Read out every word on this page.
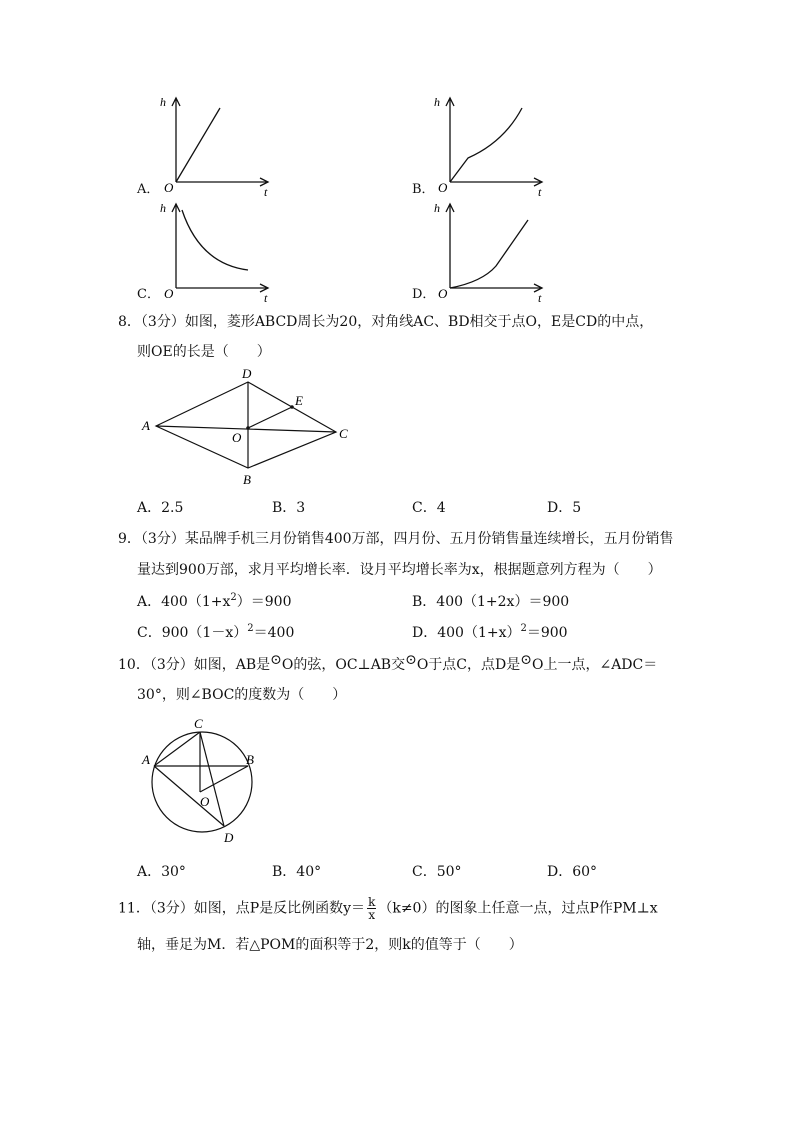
A．
h
O	t	B．
h
O	t
C．
h
O	t	D．
h
O	t
8．（3分）如图，菱形ABCD周长为20，对角线AC、BD相交于点O，E是CD的中点，
则OE的长是（　　）
A
D
E
C
O
B
A．2.5	B．3	C．4	D．5
9．（3分）某品牌手机三月份销售400万部，四月份、五月份销售量连续增长，五月份销售
量达到900万部，求月平均增长率．设月平均增长率为x，根据题意列方程为（　　）
A．$400(1+x^2)=900$	B．400（1+2x）＝900
C．$900(1-x)^2=400$	D．$400(1+x)^2=900$
10．（3分）如图，AB是⊙O的弦，OC⊥AB交⊙O于点C，点D是⊙O上一点，∠ADC＝
30°，则∠BOC的度数为（　　）
A
C
B
O
D
A．30°	B．40°	C．50°	D．60°
11．（3分）如图，点P是反比例函数$y= \frac{k}{x} (k\ne 0)$的图象上任意一点，过点P作PM⊥x
轴，垂足为M．若△POM的面积等于2，则k的值等于（　　）
